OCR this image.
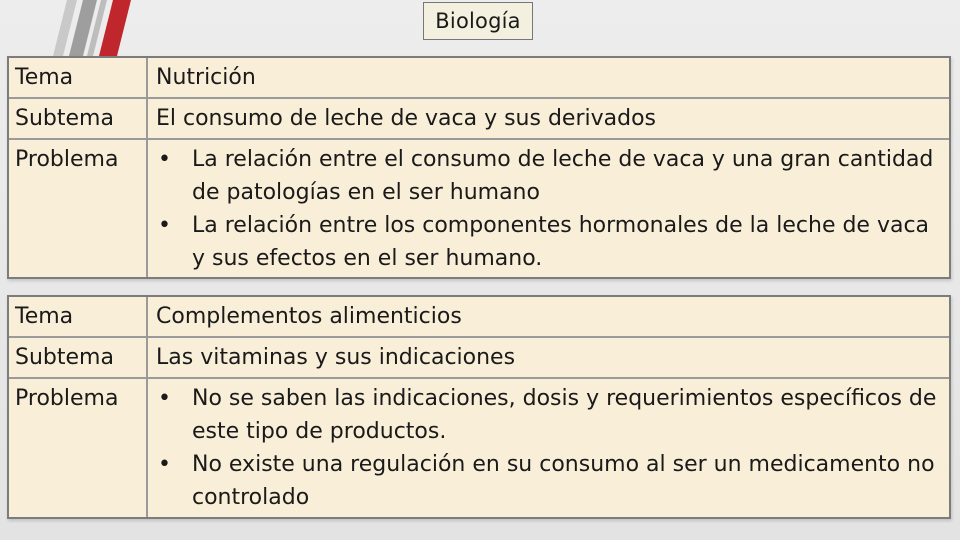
Biología
Tema	Nutrición
Subtema	El consumo de leche de vaca y sus derivados
Problema	• La relación entre el consumo de leche de vaca y una gran cantidad de patologías en el ser humano
• La relación entre los componentes hormonales de la leche de vaca y sus efectos en el ser humano.
Tema	Complementos alimenticios
Subtema	Las vitaminas y sus indicaciones
Problema	• No se saben las indicaciones, dosis y requerimientos específicos de este tipo de productos.
• No existe una regulación en su consumo al ser un medicamento no controlado
